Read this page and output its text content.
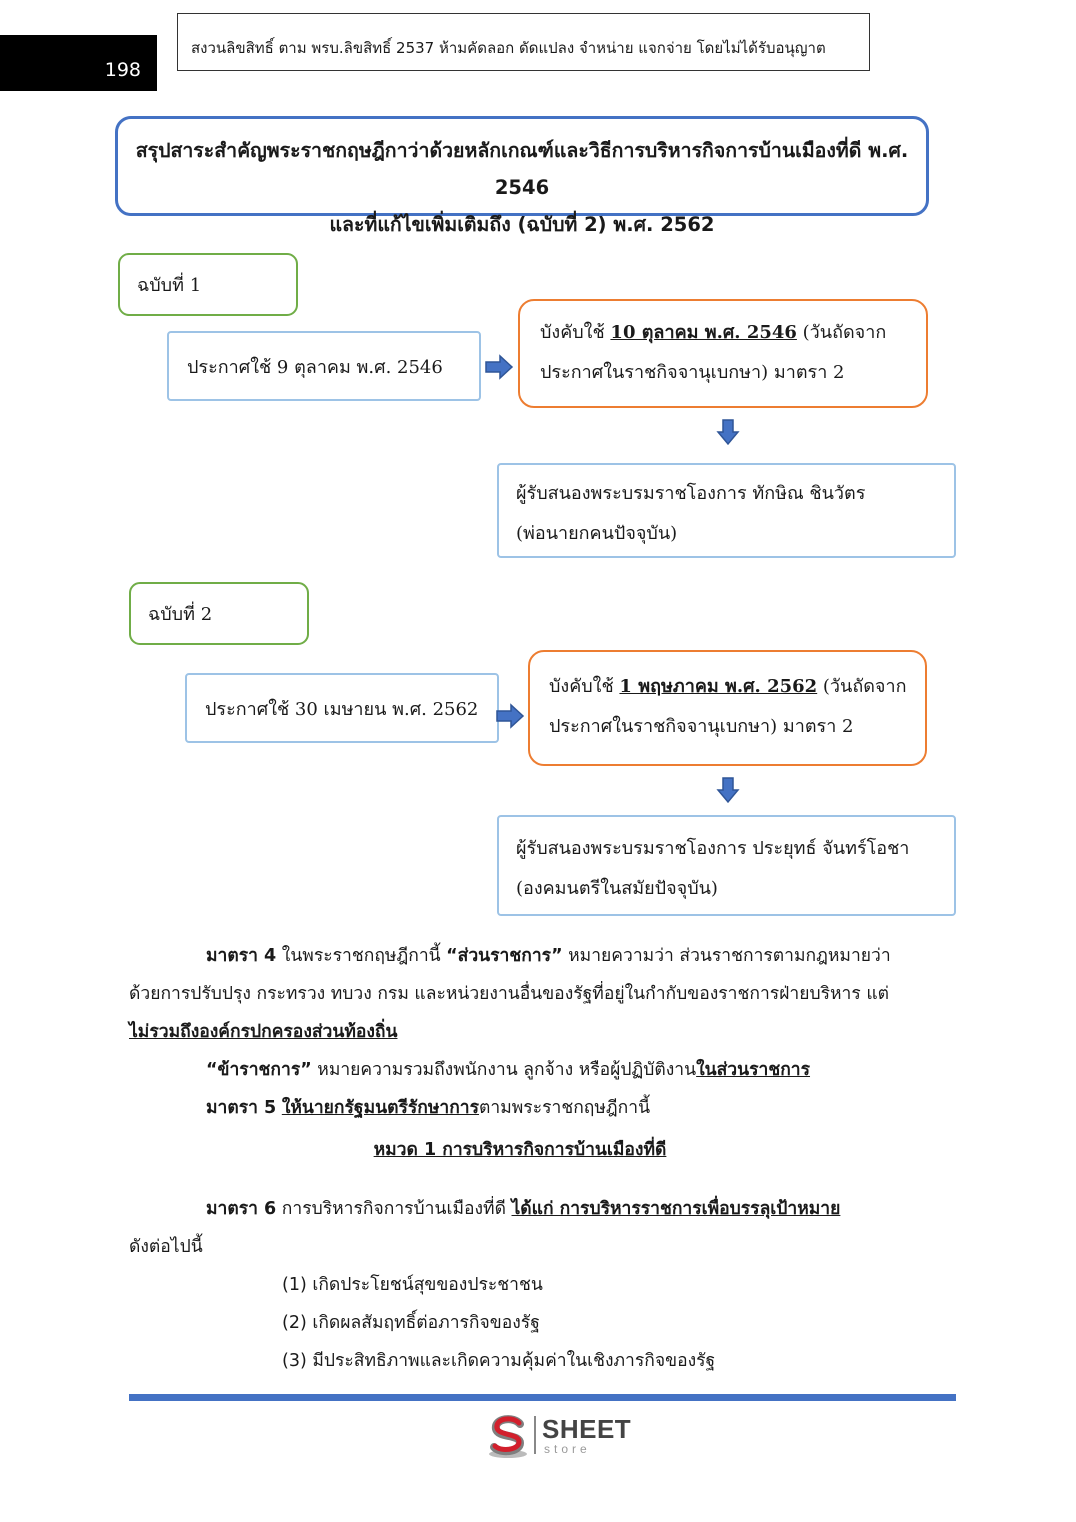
198
สงวนลิขสิทธิ์ ตาม พรบ.ลิขสิทธิ์ 2537 ห้ามคัดลอก ดัดแปลง จำหน่าย แจกจ่าย โดยไม่ได้รับอนุญาต
สรุปสาระสำคัญพระราชกฤษฎีกาว่าด้วยหลักเกณฑ์และวิธีการบริหารกิจการบ้านเมืองที่ดี พ.ศ. 2546
และที่แก้ไขเพิ่มเติมถึง (ฉบับที่ 2) พ.ศ. 2562
ฉบับที่ 1
ประกาศใช้ 9 ตุลาคม พ.ศ. 2546
บังคับใช้ 10 ตุลาคม พ.ศ. 2546 (วันถัดจาก
ประกาศในราชกิจจานุเบกษา) มาตรา 2
ผู้รับสนองพระบรมราชโองการ ทักษิณ ชินวัตร
(พ่อนายกคนปัจจุบัน)
ฉบับที่ 2
ประกาศใช้ 30 เมษายน พ.ศ. 2562
บังคับใช้ 1 พฤษภาคม พ.ศ. 2562 (วันถัดจาก
ประกาศในราชกิจจานุเบกษา) มาตรา 2
ผู้รับสนองพระบรมราชโองการ ประยุทธ์ จันทร์โอชา
(องคมนตรีในสมัยปัจจุบัน)
มาตรา 4 ในพระราชกฤษฎีกานี้ “ส่วนราชการ” หมายความว่า ส่วนราชการตามกฎหมายว่า
ด้วยการปรับปรุง กระทรวง ทบวง กรม และหน่วยงานอื่นของรัฐที่อยู่ในกำกับของราชการฝ่ายบริหาร แต่
ไม่รวมถึงองค์กรปกครองส่วนท้องถิ่น
“ข้าราชการ” หมายความรวมถึงพนักงาน ลูกจ้าง หรือผู้ปฏิบัติงานในส่วนราชการ
มาตรา 5 ให้นายกรัฐมนตรีรักษาการตามพระราชกฤษฎีกานี้
หมวด 1 การบริหารกิจการบ้านเมืองที่ดี
มาตรา 6 การบริหารกิจการบ้านเมืองที่ดี ได้แก่ การบริหารราชการเพื่อบรรลุเป้าหมาย
ดังต่อไปนี้
(1) เกิดประโยชน์สุขของประชาชน
(2) เกิดผลสัมฤทธิ์ต่อภารกิจของรัฐ
(3) มีประสิทธิภาพและเกิดความคุ้มค่าในเชิงภารกิจของรัฐ
SHEET
store
